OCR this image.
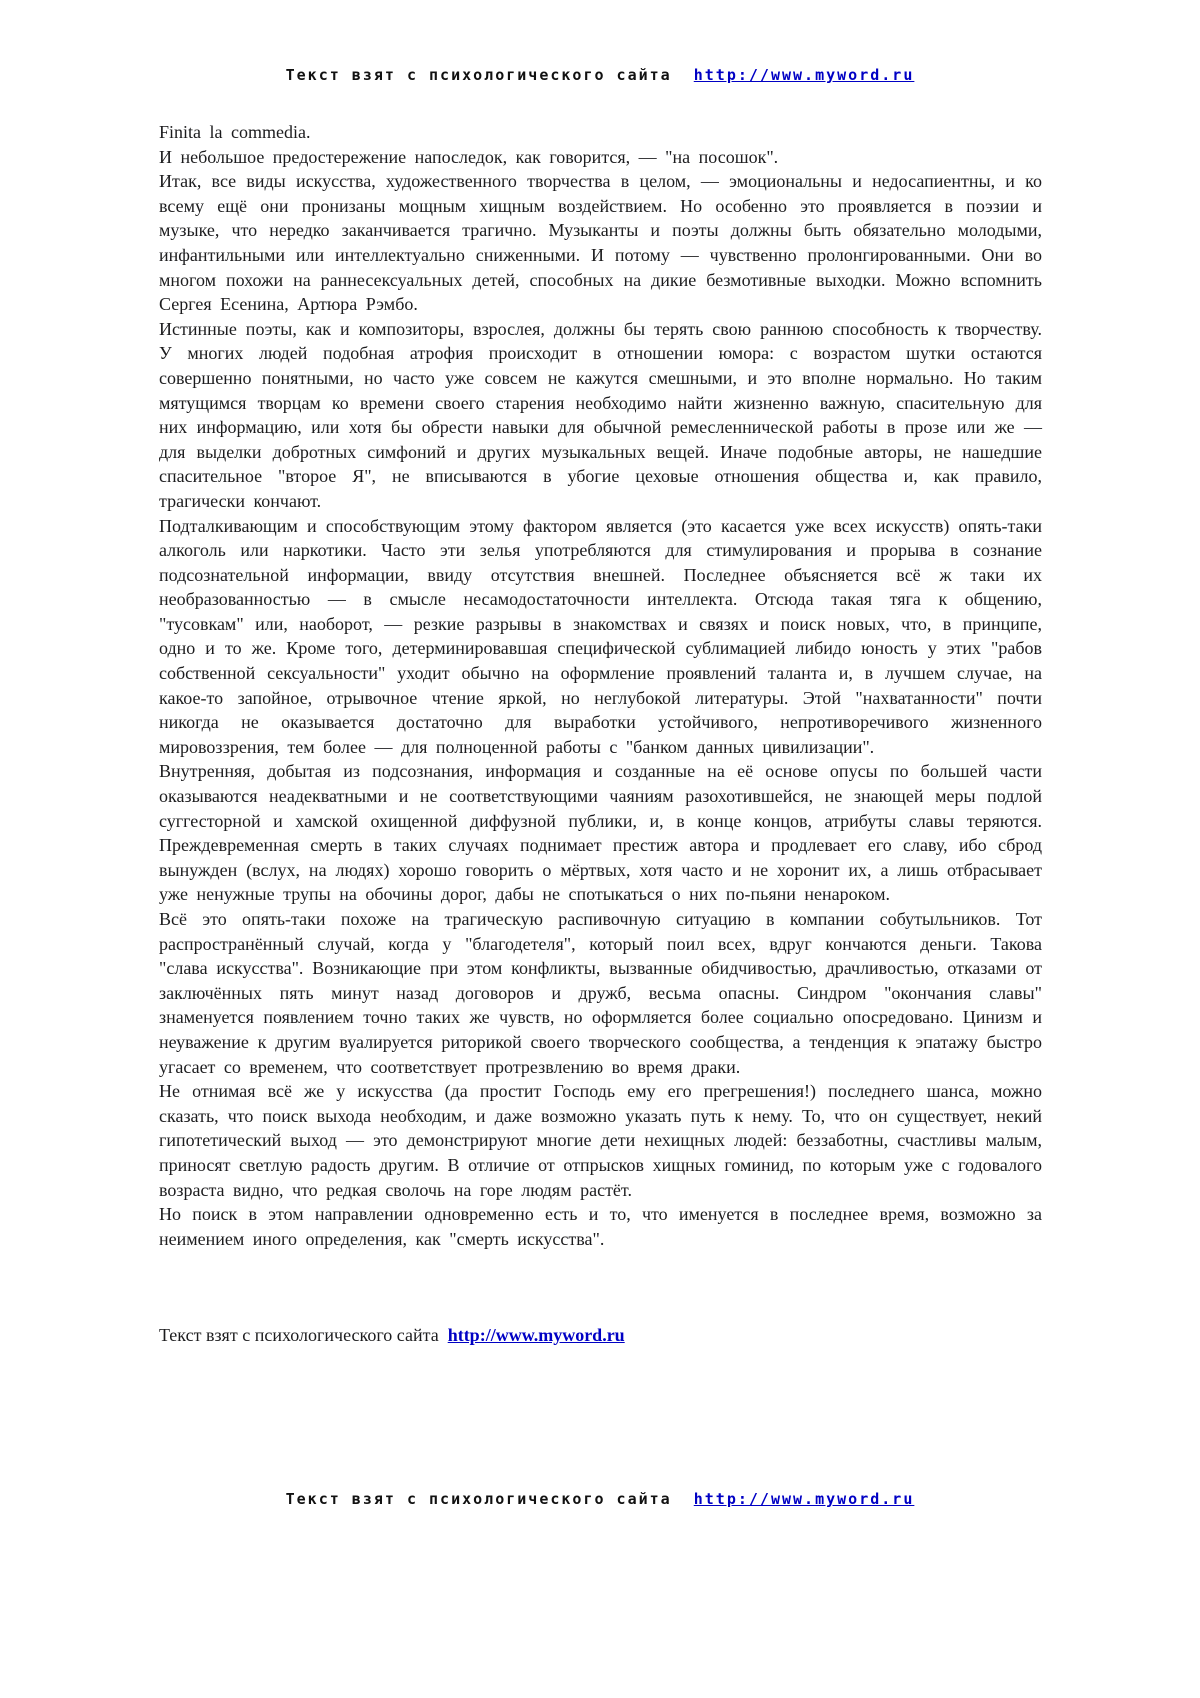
Текст взят с психологического сайта http://www.myword.ru

Finita la commedia.

И небольшое предостережение напоследок, как говорится, — "на посошок".

Итак, все виды искусства, художественного творчества в целом, — эмоциональны и недосапиентны, и ко всему ещё они пронизаны мощным хищным воздействием. Но особенно это проявляется в поэзии и музыке, что нередко заканчивается трагично. Музыканты и поэты должны быть обязательно молодыми, инфантильными или интеллектуально сниженными. И потому — чувственно пролонгированными. Они во многом похожи на раннесексуальных детей, способных на дикие безмотивные выходки. Можно вспомнить Сергея Есенина, Артюра Рэмбо.

Истинные поэты, как и композиторы, взрослея, должны бы терять свою раннюю способность к творчеству. У многих людей подобная атрофия происходит в отношении юмора: с возрастом шутки остаются совершенно понятными, но часто уже совсем не кажутся смешными, и это вполне нормально. Но таким мятущимся творцам ко времени своего старения необходимо найти жизненно важную, спасительную для них информацию, или хотя бы обрести навыки для обычной ремесленнической работы в прозе или же — для выделки добротных симфоний и других музыкальных вещей. Иначе подобные авторы, не нашедшие спасительное "второе Я", не вписываются в убогие цеховые отношения общества и, как правило, трагически кончают.

Подталкивающим и способствующим этому фактором является (это касается уже всех искусств) опять-таки алкоголь или наркотики. Часто эти зелья употребляются для стимулирования и прорыва в сознание подсознательной информации, ввиду отсутствия внешней. Последнее объясняется всё ж таки их необразованностью — в смысле несамодостаточности интеллекта. Отсюда такая тяга к общению, "тусовкам" или, наоборот, — резкие разрывы в знакомствах и связях и поиск новых, что, в принципе, одно и то же. Кроме того, детерминировавшая специфической сублимацией либидо юность у этих "рабов собственной сексуальности" уходит обычно на оформление проявлений таланта и, в лучшем случае, на какое-то запойное, отрывочное чтение яркой, но неглубокой литературы. Этой "нахватанности" почти никогда не оказывается достаточно для выработки устойчивого, непротиворечивого жизненного мировоззрения, тем более — для полноценной работы с "банком данных цивилизации".

Внутренняя, добытая из подсознания, информация и созданные на её основе опусы по большей части оказываются неадекватными и не соответствующими чаяниям разохотившейся, не знающей меры подлой суггесторной и хамской охищенной диффузной публики, и, в конце концов, атрибуты славы теряются. Преждевременная смерть в таких случаях поднимает престиж автора и продлевает его славу, ибо сброд вынужден (вслух, на людях) хорошо говорить о мёртвых, хотя часто и не хоронит их, а лишь отбрасывает уже ненужные трупы на обочины дорог, дабы не спотыкаться о них по-пьяни ненароком.

Всё это опять-таки похоже на трагическую распивочную ситуацию в компании собутыльников. Тот распространённый случай, когда у "благодетеля", который поил всех, вдруг кончаются деньги. Такова "слава искусства". Возникающие при этом конфликты, вызванные обидчивостью, драчливостью, отказами от заключённых пять минут назад договоров и дружб, весьма опасны. Синдром "окончания славы" знаменуется появлением точно таких же чувств, но оформляется более социально опосредовано. Цинизм и неуважение к другим вуалируется риторикой своего творческого сообщества, а тенденция к эпатажу быстро угасает со временем, что соответствует протрезвлению во время драки.

Не отнимая всё же у искусства (да простит Господь ему его прегрешения!) последнего шанса, можно сказать, что поиск выхода необходим, и даже возможно указать путь к нему. То, что он существует, некий гипотетический выход — это демонстрируют многие дети нехищных людей: беззаботны, счастливы малым, приносят светлую радость другим. В отличие от отпрысков хищных гоминид, по которым уже с годовалого возраста видно, что редкая сволочь на горе людям растёт.

Но поиск в этом направлении одновременно есть и то, что именуется в последнее время, возможно за неимением иного определения, как "смерть искусства".

Текст взят с психологического сайта http://www.myword.ru
Текст взят с психологического сайта http://www.myword.ru
